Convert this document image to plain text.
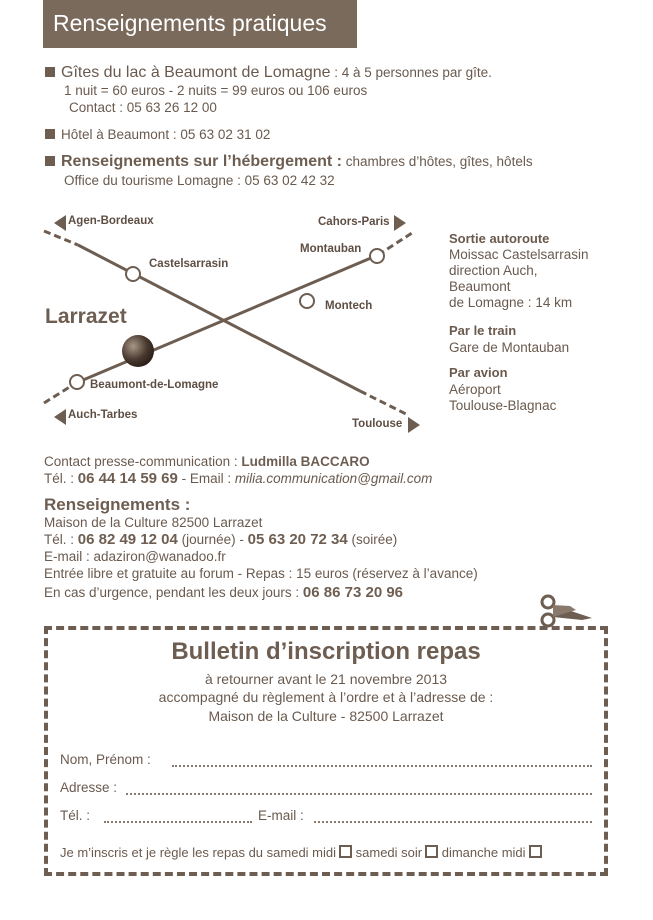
Renseignements pratiques
Gîtes du lac à Beaumont de Lomagne : 4 à 5 personnes par gîte.
1 nuit = 60 euros - 2 nuits = 99 euros ou 106 euros
Contact : 05 63 26 12 00
Hôtel à Beaumont : 05 63 02 31 02
Renseignements sur l’hébergement : chambres d’hôtes, gîtes, hôtels
Office du tourisme Lomagne : 05 63 02 42 32
Agen-Bordeaux	Cahors-Paris
Castelsarrasin
Montauban
Montech
Beaumont-de-Lomagne
Auch-Tarbes
Toulouse
Larrazet
Sortie autoroute
Moissac Castelsarrasin
direction Auch,
Beaumont
de Lomagne : 14 km
Par le train
Gare de Montauban
Par avion
Aéroport
Toulouse-Blagnac
Contact presse-communication : Ludmilla BACCARO
Tél. : 06 44 14 59 69 - Email : milia.communication@gmail.com
Renseignements :
Maison de la Culture 82500 Larrazet
Tél. : 06 82 49 12 04 (journée) - 05 63 20 72 34 (soirée)
E-mail : adaziron@wanadoo.fr
Entrée libre et gratuite au forum - Repas : 15 euros (réservez à l’avance)
En cas d’urgence, pendant les deux jours : 06 86 73 20 96
Bulletin d’inscription repas
à retourner avant le 21 novembre 2013
accompagné du règlement à l’ordre et à l’adresse de :
Maison de la Culture - 82500 Larrazet
Nom, Prénom :
Adresse :
Tél. :	E-mail :
Je m’inscris et je règle les repas du samedi midi samedi soir dimanche midi
